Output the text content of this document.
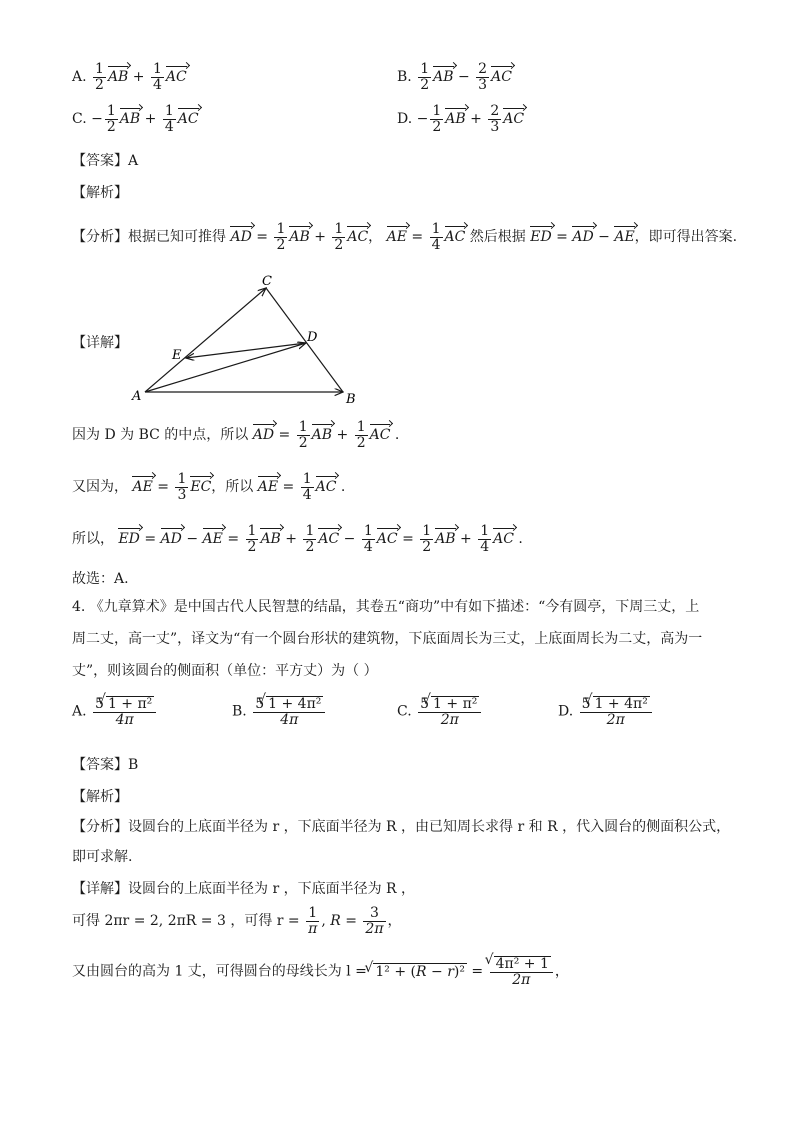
A. $\frac{1}{2}$ AB + $\frac{1}{4}$ AC	B. $\frac{1}{2}$ AB − $\frac{2}{3}$ AC
C. − $\frac{1}{2}$ AB + $\frac{1}{4}$ AC	D. − $\frac{1}{2}$ AB + $\frac{2}{3}$ AC
【答案】A
【解析】
【分析】根据已知可推得 AD = $\frac{1}{2}$ AB + $\frac{1}{2}$ AC， AE = $\frac{1}{4}$ AC 然后根据 ED = AD − AE，即可得出答案.
【详解】
A	B
C
D
E
因为 D 为 BC 的中点，所以 AD = $\frac{1}{2}$ AB + $\frac{1}{2}$ AC .
又因为， AE = $\frac{1}{3}$ EC，所以 AE = $\frac{1}{4}$ AC .
所以， ED = AD − AE = $\frac{1}{2}$ AB + $\frac{1}{2}$ AC − $\frac{1}{4}$ AC = $\frac{1}{2}$ AB + $\frac{1}{4}$ AC .
故选：A.
4. 《九章算术》是中国古代人民智慧的结晶，其卷五“商功”中有如下描述：“今有圆亭，下周三丈，上
周二丈，高一丈”，译文为“有一个圆台形状的建筑物，下底面周长为三丈，上底面周长为二丈，高为一
丈”，则该圆台的侧面积（单位：平方丈）为（ ）
A. $\frac{\text{5 √ 1 + π²}}{4\pi}$	B. $\frac{\text{5 √ 1 + 4π²}}{4\pi}$	C. $\frac{\text{5 √ 1 + π²}}{2\pi}$	D. $\frac{\text{5 √ 1 + 4π²}}{2\pi}$
【答案】B
【解析】
【分析】设圆台的上底面半径为 r ，下底面半径为 R ，由已知周长求得 r 和 R ，代入圆台的侧面积公式，
即可求解.
【详解】设圆台的上底面半径为 r ，下底面半径为 R ，
可得 2πr = 2, 2πR = 3 ，可得 $r = \frac{1}{\pi}$ , $R = \frac{3}{2\pi}$ ，
又由圆台的高为 1 丈，可得圆台的母线长为 l = √ 1² + (R − r)² = √ $\frac{\text{4π² + 1}}{2\pi}$ ，
